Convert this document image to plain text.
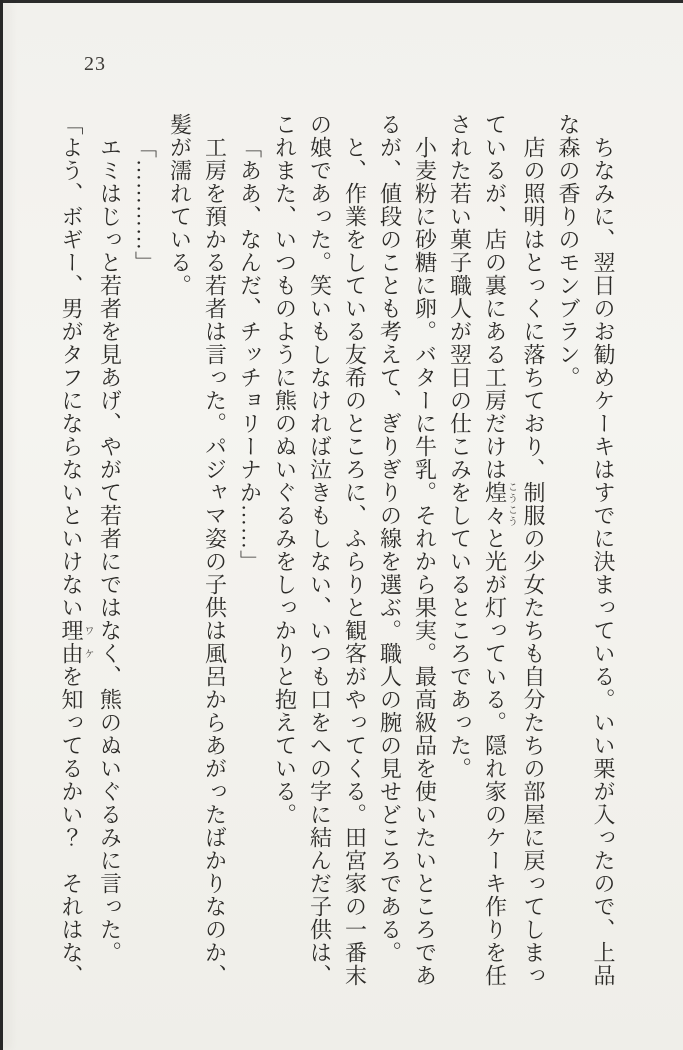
23
ちなみに、翌日のお勧めケーキはすでに決まっている。いい栗が入ったので、上品
な森の香りのモンブラン。
店の照明はとっくに落ちており、制服の少女たちも自分たちの部屋に戻ってしまっ
ているが、店の裏にある工房だけは煌々こうこうと光が灯っている。隠れ家のケーキ作りを任
された若い菓子職人が翌日の仕こみをしているところであった。
小麦粉に砂糖に卵。バターに牛乳。それから果実。最高級品を使いたいところであ
るが、値段のことも考えて、ぎりぎりの線を選ぶ。職人の腕の見せどころである。
と、作業をしている友希のところに、ふらりと観客がやってくる。田宮家の一番末
の娘であった。笑いもしなければ泣きもしない、いつも口をへの字に結んだ子供は、
これまた、いつものように熊のぬいぐるみをしっかりと抱えている。
「ああ、なんだ、チッチョリーナか……」
工房を預かる若者は言った。パジャマ姿の子供は風呂からあがったばかりなのか、
髪が濡れている。
「…………」
エミはじっと若者を見あげ、やがて若者にではなく、熊のぬいぐるみに言った。
「よう、ボギー、男がタフにならないといけない理由ワケを知ってるかい？　それはな、
